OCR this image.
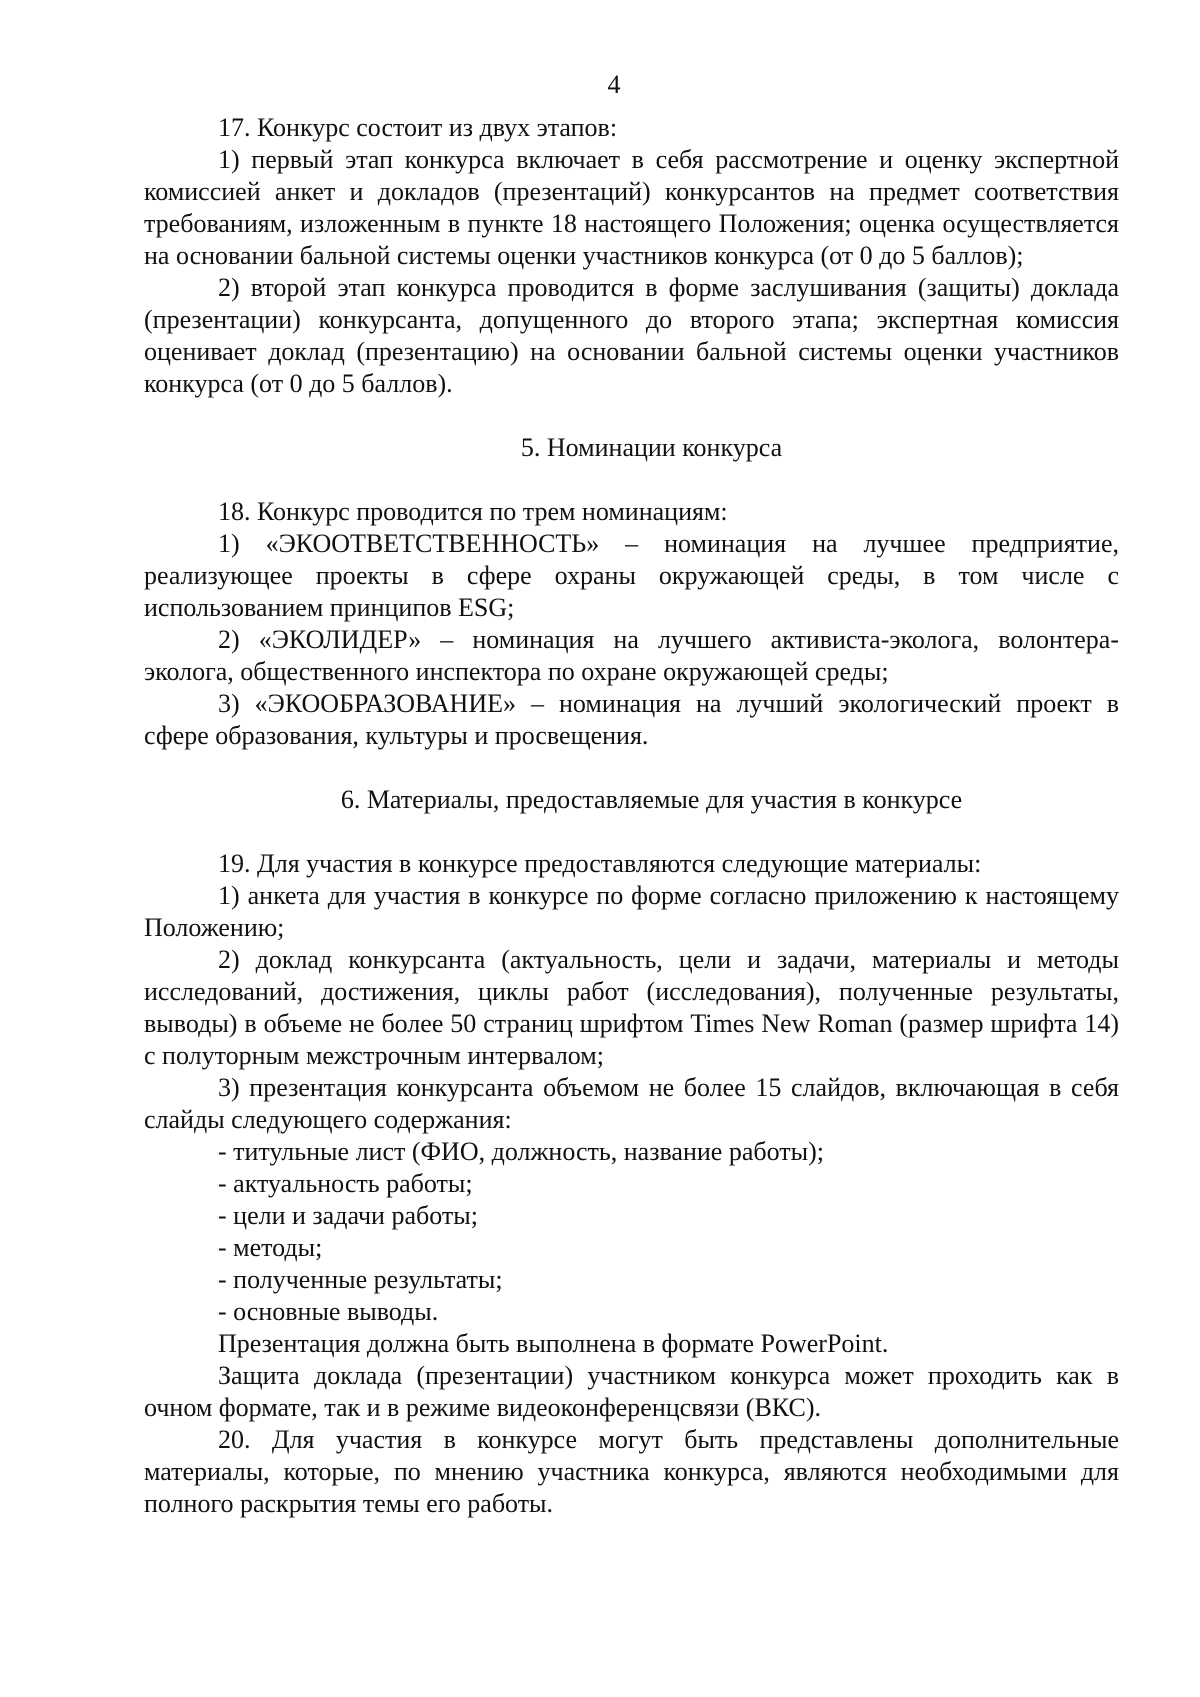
4

17. Конкурс состоит из двух этапов:

1) первый этап конкурса включает в себя рассмотрение и оценку экспертной комиссией анкет и докладов (презентаций) конкурсантов на предмет соответствия требованиям, изложенным в пункте 18 настоящего Положения; оценка осуществляется на основании бальной системы оценки участников конкурса (от 0 до 5 баллов);

2) второй этап конкурса проводится в форме заслушивания (защиты) доклада (презентации) конкурсанта, допущенного до второго этапа; экспертная комиссия оценивает доклад (презентацию) на основании бальной системы оценки участников конкурса (от 0 до 5 баллов).

5. Номинации конкурса

18. Конкурс проводится по трем номинациям:

1) «ЭКООТВЕТСТВЕННОСТЬ» – номинация на лучшее предприятие, реализующее проекты в сфере охраны окружающей среды, в том числе с использованием принципов ESG;

2) «ЭКОЛИДЕР» – номинация на лучшего активиста-эколога, волонтера-эколога, общественного инспектора по охране окружающей среды;

3) «ЭКООБРАЗОВАНИЕ» – номинация на лучший экологический проект в сфере образования, культуры и просвещения.

6. Материалы, предоставляемые для участия в конкурсе

19. Для участия в конкурсе предоставляются следующие материалы:

1) анкета для участия в конкурсе по форме согласно приложению к настоящему Положению;

2) доклад конкурсанта (актуальность, цели и задачи, материалы и методы исследований, достижения, циклы работ (исследования), полученные результаты, выводы) в объеме не более 50 страниц шрифтом Times New Roman (размер шрифта 14) с полуторным межстрочным интервалом;

3) презентация конкурсанта объемом не более 15 слайдов, включающая в себя слайды следующего содержания:

- титульные лист (ФИО, должность, название работы);

- актуальность работы;

- цели и задачи работы;

- методы;

- полученные результаты;

- основные выводы.

Презентация должна быть выполнена в формате PowerPoint.

Защита доклада (презентации) участником конкурса может проходить как в очном формате, так и в режиме видеоконференцсвязи (ВКС).

20. Для участия в конкурсе могут быть представлены дополнительные материалы, которые, по мнению участника конкурса, являются необходимыми для полного раскрытия темы его работы.
